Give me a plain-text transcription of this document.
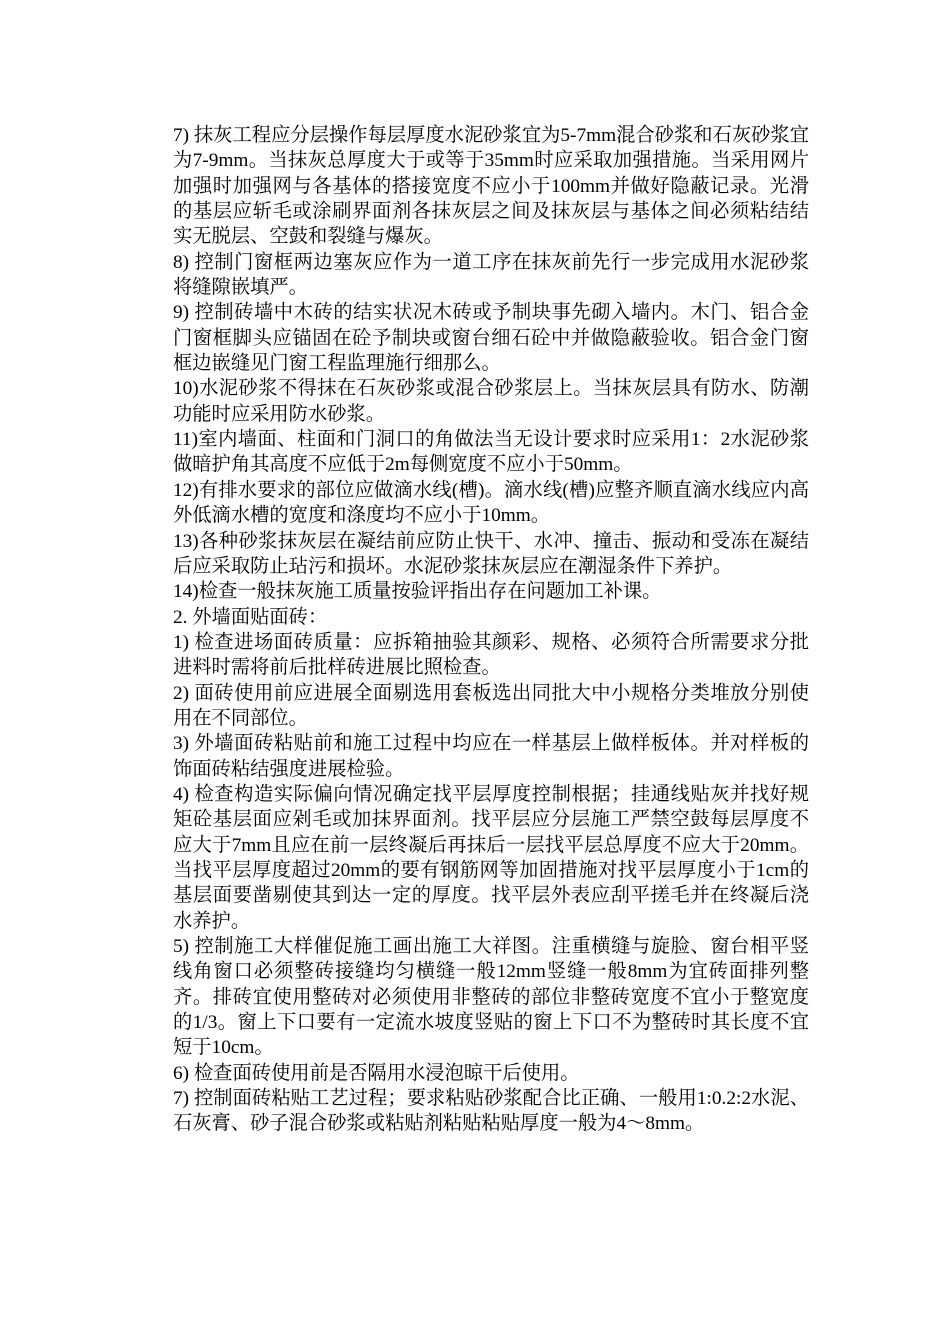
7) 抹灰工程应分层操作每层厚度水泥砂浆宜为5-7mm混合砂浆和石灰砂浆宜为7-9mm。当抹灰总厚度大于或等于35mm时应采取加强措施。当采用网片加强时加强网与各基体的搭接宽度不应小于100mm并做好隐蔽记录。光滑的基层应斩毛或涂刷界面剂各抹灰层之间及抹灰层与基体之间必须粘结结实无脱层、空鼓和裂缝与爆灰。

8) 控制门窗框两边塞灰应作为一道工序在抹灰前先行一步完成用水泥砂浆将缝隙嵌填严。

9) 控制砖墙中木砖的结实状况木砖或予制块事先砌入墙内。木门、铝合金门窗框脚头应锚固在砼予制块或窗台细石砼中并做隐蔽验收。铝合金门窗框边嵌缝见门窗工程监理施行细那么。

10)水泥砂浆不得抹在石灰砂浆或混合砂浆层上。当抹灰层具有防水、防潮功能时应采用防水砂浆。

11)室内墙面、柱面和门洞口的角做法当无设计要求时应采用1：2水泥砂浆做暗护角其高度不应低于2m每侧宽度不应小于50mm。

12)有排水要求的部位应做滴水线(槽)。滴水线(槽)应整齐顺直滴水线应内高外低滴水槽的宽度和涤度均不应小于10mm。

13)各种砂浆抹灰层在凝结前应防止快干、水冲、撞击、振动和受冻在凝结后应采取防止玷污和损坏。水泥砂浆抹灰层应在潮湿条件下养护。

14)检查一般抹灰施工质量按验评指出存在问题加工补课。

2. 外墙面贴面砖：

1) 检查进场面砖质量：应拆箱抽验其颜彩、规格、必须符合所需要求分批进料时需将前后批样砖进展比照检查。

2) 面砖使用前应进展全面剔选用套板选出同批大中小规格分类堆放分别使用在不同部位。

3) 外墙面砖粘贴前和施工过程中均应在一样基层上做样板体。并对样板的饰面砖粘结强度进展检验。

4) 检查构造实际偏向情况确定找平层厚度控制根据；挂通线贴灰并找好规矩砼基层面应剁毛或加抹界面剂。找平层应分层施工严禁空鼓每层厚度不应大于7mm且应在前一层终凝后再抹后一层找平层总厚度不应大于20mm。当找平层厚度超过20mm的要有钢筋网等加固措施对找平层厚度小于1cm的基层面要凿剔使其到达一定的厚度。找平层外表应刮平搓毛并在终凝后浇水养护。

5) 控制施工大样催促施工画出施工大祥图。注重横缝与旋脸、窗台相平竖线角窗口必须整砖接缝均匀横缝一般12mm竖缝一般8mm为宜砖面排列整齐。排砖宜使用整砖对必须使用非整砖的部位非整砖宽度不宜小于整宽度的1/3。窗上下口要有一定流水坡度竖贴的窗上下口不为整砖时其长度不宜短于10cm。

6) 检查面砖使用前是否隔用水浸泡晾干后使用。

7) 控制面砖粘贴工艺过程；要求粘贴砂浆配合比正确、一般用1:0.2:2水泥、石灰膏、砂子混合砂浆或粘贴剂粘贴粘贴厚度一般为4～8mm。
